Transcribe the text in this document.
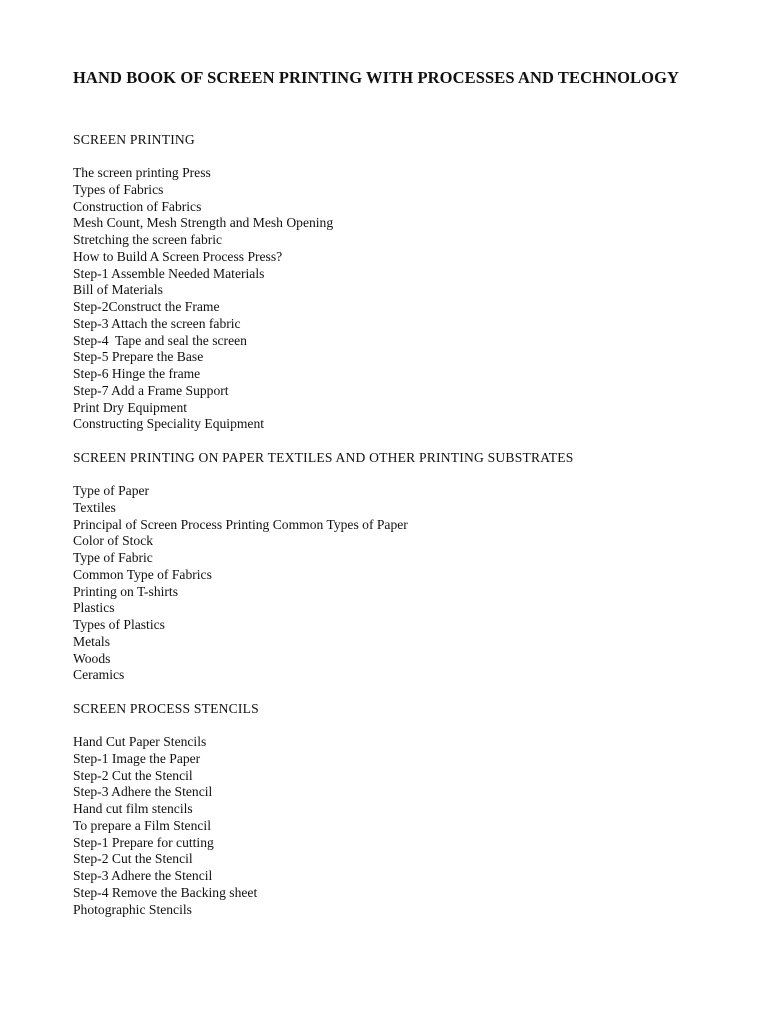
HAND BOOK OF SCREEN PRINTING WITH PROCESSES AND TECHNOLOGY
SCREEN PRINTING
The screen printing Press
Types of Fabrics
Construction of Fabrics
Mesh Count, Mesh Strength and Mesh Opening
Stretching the screen fabric
How to Build A Screen Process Press?
Step-1 Assemble Needed Materials
Bill of Materials
Step-2Construct the Frame
Step-3 Attach the screen fabric
Step-4  Tape and seal the screen
Step-5 Prepare the Base
Step-6 Hinge the frame
Step-7 Add a Frame Support
Print Dry Equipment
Constructing Speciality Equipment
SCREEN PRINTING ON PAPER TEXTILES AND OTHER PRINTING SUBSTRATES
Type of Paper
Textiles
Principal of Screen Process Printing Common Types of Paper
Color of Stock
Type of Fabric
Common Type of Fabrics
Printing on T-shirts
Plastics
Types of Plastics
Metals
Woods
Ceramics
SCREEN PROCESS STENCILS
Hand Cut Paper Stencils
Step-1 Image the Paper
Step-2 Cut the Stencil
Step-3 Adhere the Stencil
Hand cut film stencils
To prepare a Film Stencil
Step-1 Prepare for cutting
Step-2 Cut the Stencil
Step-3 Adhere the Stencil
Step-4 Remove the Backing sheet
Photographic Stencils
